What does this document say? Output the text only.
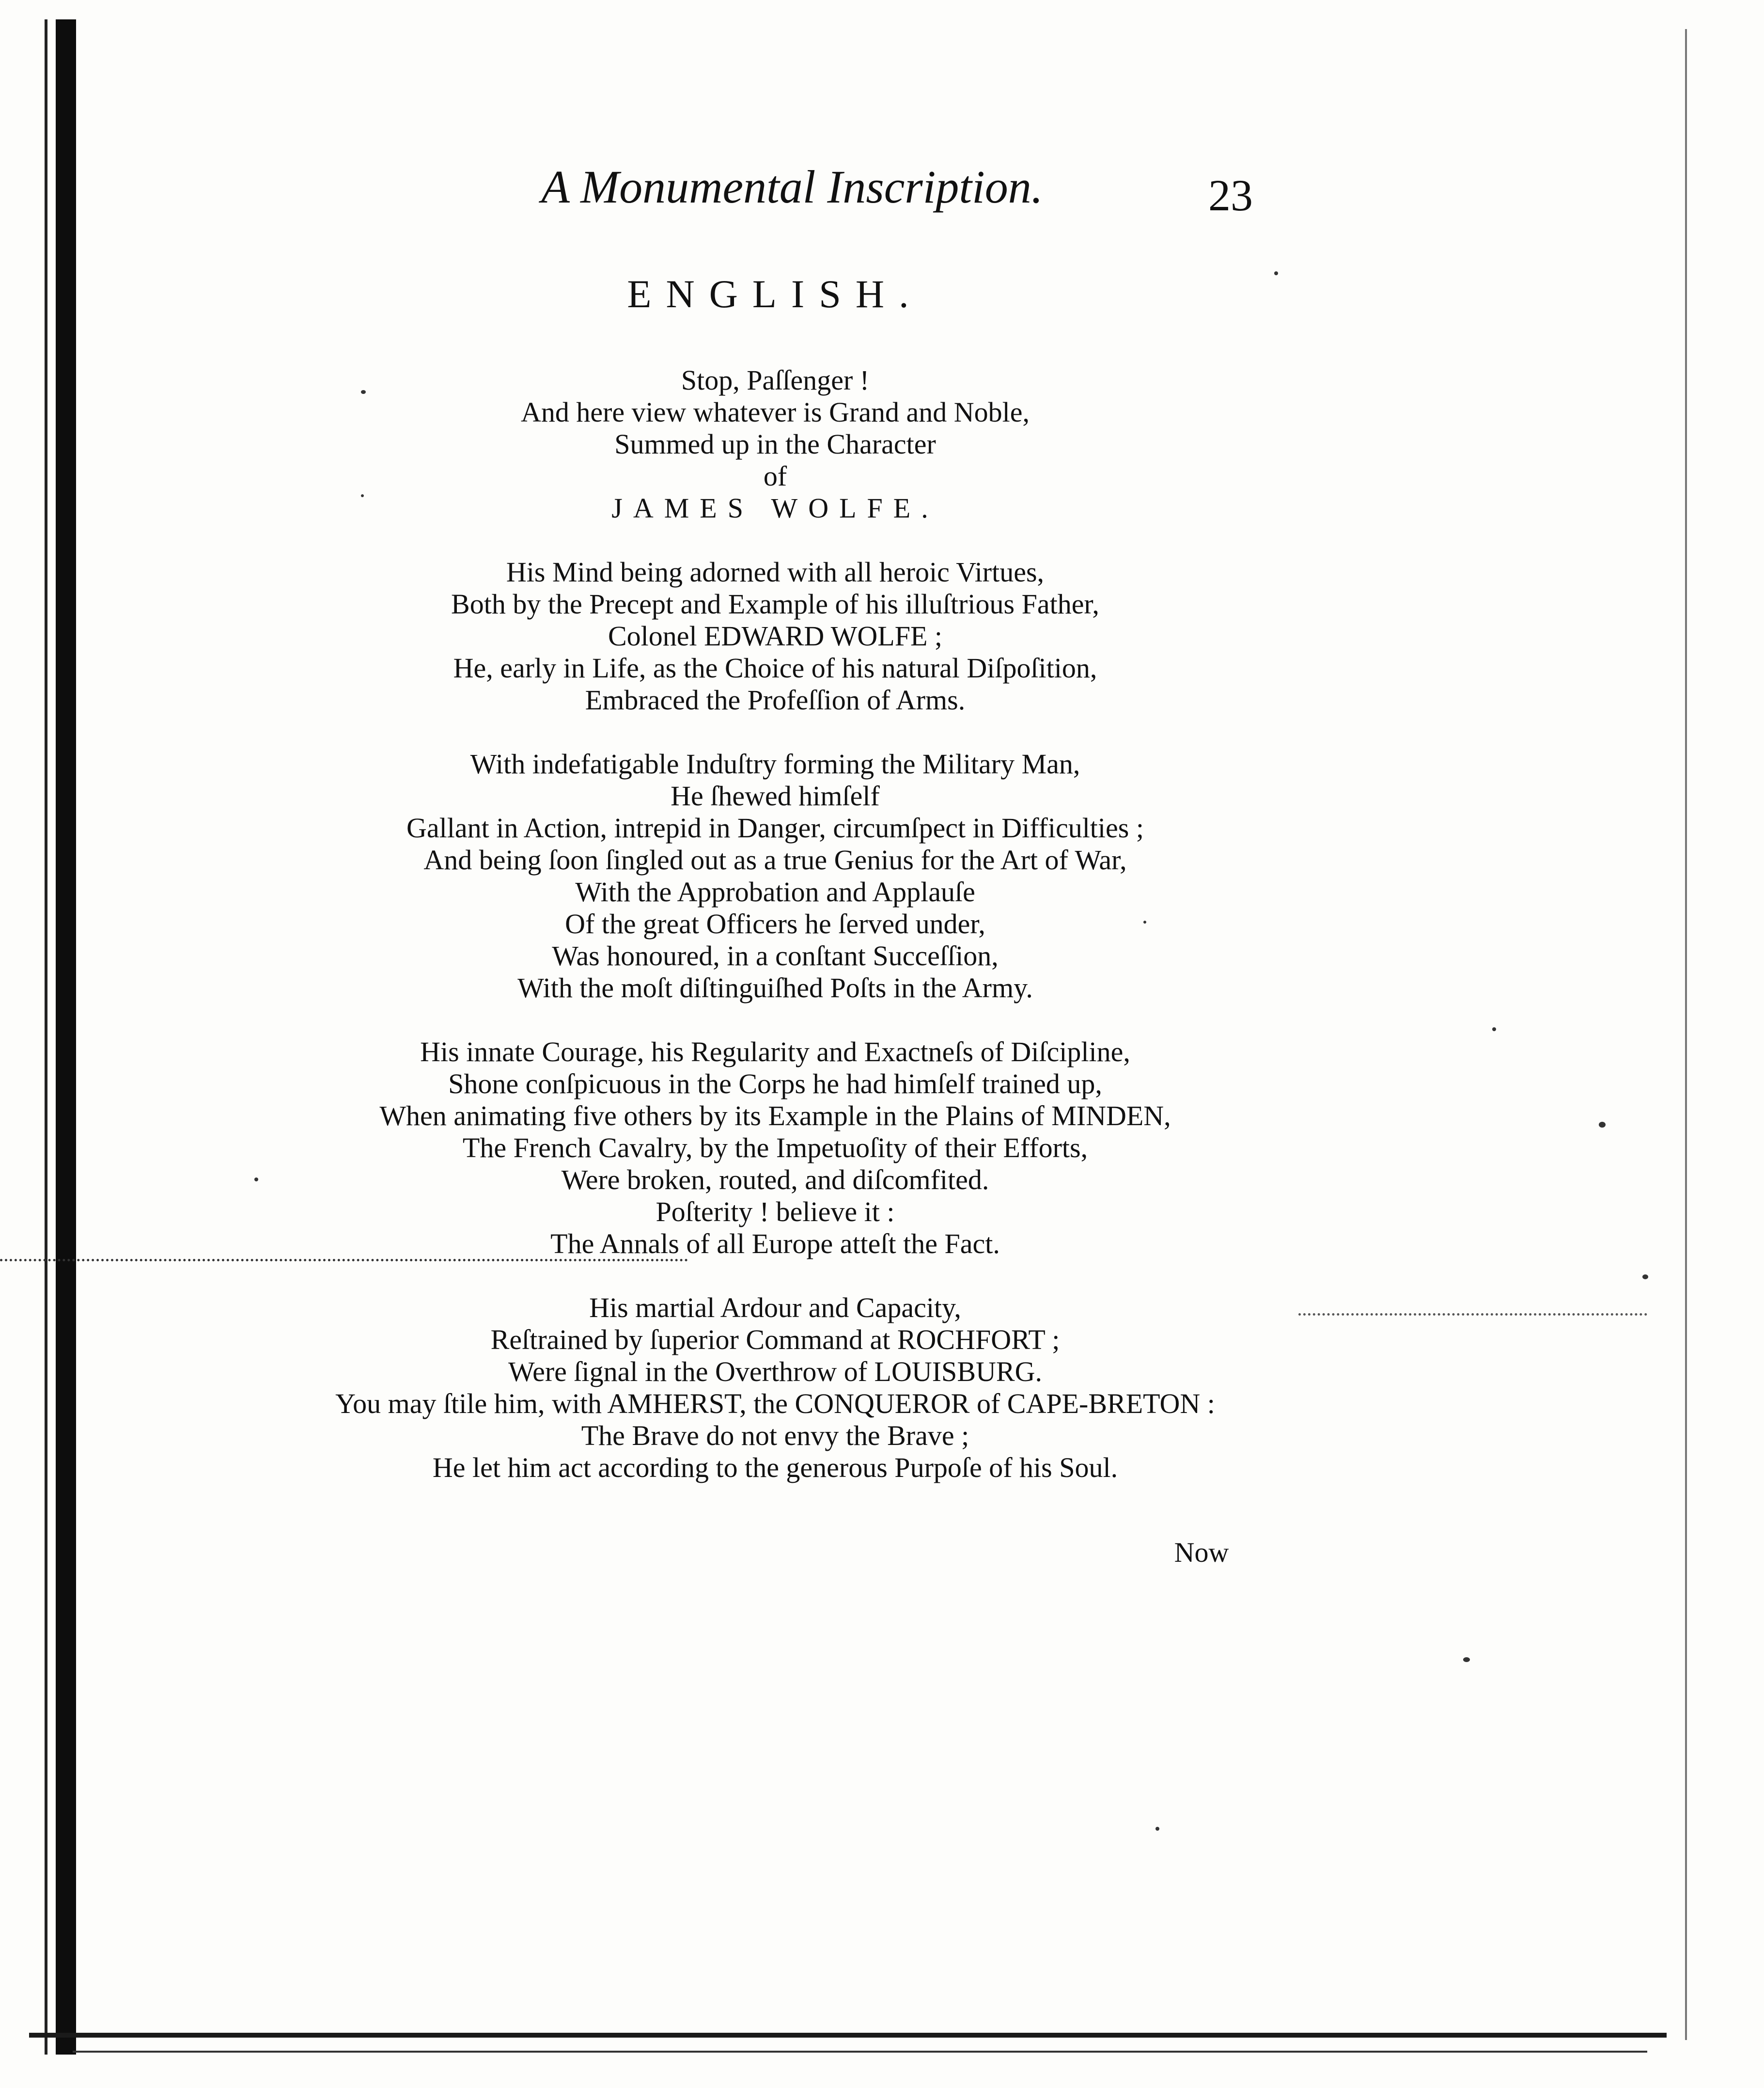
A Monumental Inscription.	23
ENGLISH.
Stop, Paſſenger !
And here view whatever is Grand and Noble,
Summed up in the Character
of
JAMES WOLFE.
His Mind being adorned with all heroic Virtues,
Both by the Precept and Example of his illuſtrious Father,
Colonel EDWARD WOLFE ;
He, early in Life, as the Choice of his natural Diſpoſition,
Embraced the Profeſſion of Arms.
With indefatigable Induſtry forming the Military Man,
He ſhewed himſelf
Gallant in Action, intrepid in Danger, circumſpect in Difficulties ;
And being ſoon ſingled out as a true Genius for the Art of War,
With the Approbation and Applauſe
Of the great Officers he ſerved under,
Was honoured, in a conſtant Succeſſion,
With the moſt diſtinguiſhed Poſts in the Army.
His innate Courage, his Regularity and Exactneſs of Diſcipline,
Shone conſpicuous in the Corps he had himſelf trained up,
When animating five others by its Example in the Plains of MINDEN,
The French Cavalry, by the Impetuoſity of their Efforts,
Were broken, routed, and diſcomfited.
Poſterity ! believe it :
The Annals of all Europe atteſt the Fact.
His martial Ardour and Capacity,
Reſtrained by ſuperior Command at ROCHFORT ;
Were ſignal in the Overthrow of LOUISBURG.
You may ſtile him, with AMHERST, the CONQUEROR of CAPE-BRETON :
The Brave do not envy the Brave ;
He let him act according to the generous Purpoſe of his Soul.
Now
